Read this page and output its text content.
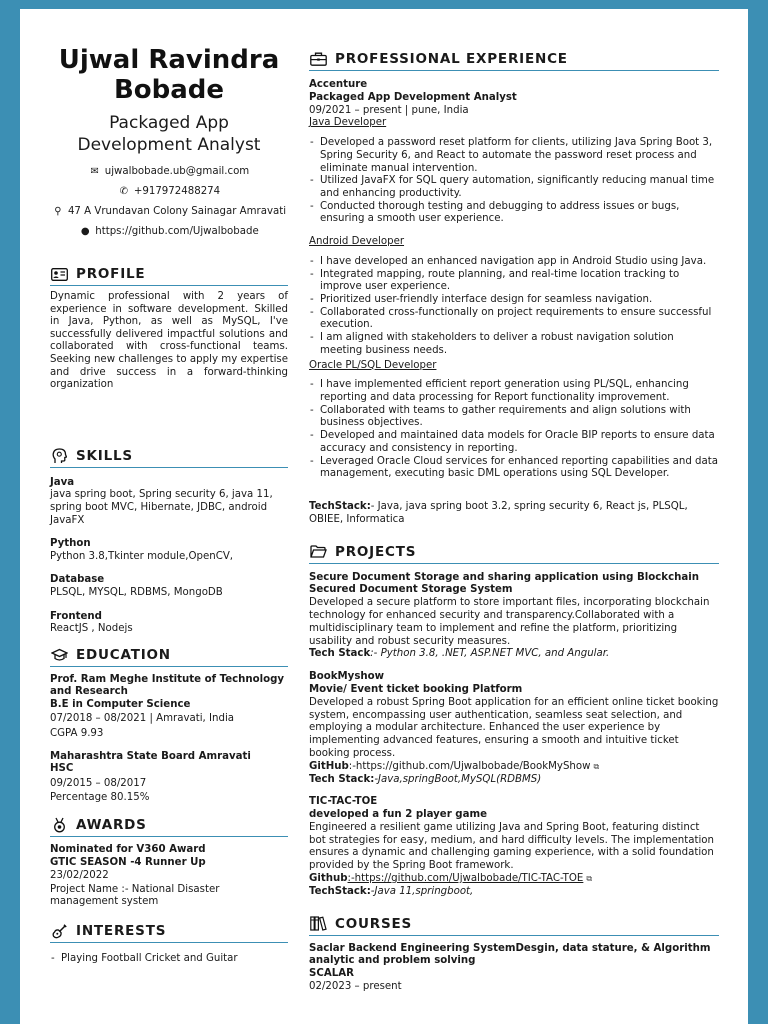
Ujwal Ravindra Bobade
Packaged App Development Analyst
✉ ujwalbobade.ub@gmail.com
✆ +917972488274
⚲ 47 A Vrundavan Colony Sainagar Amravati
● https://github.com/Ujwalbobade
PROFILE
Dynamic professional with 2 years of experience in software development. Skilled in Java, Python, as well as MySQL, I've successfully delivered impactful solutions and collaborated with cross-functional teams. Seeking new challenges to apply my expertise and drive success in a forward-thinking organization
SKILLS
Java
java spring boot, Spring security 6, java 11, spring boot MVC, Hibernate, JDBC, android JavaFX
Python
Python 3.8,Tkinter module,OpenCV,
Database
PLSQL, MYSQL, RDBMS, MongoDB
Frontend
ReactJS , Nodejs
EDUCATION
Prof. Ram Meghe Institute of Technology and Research
B.E in Computer Science
07/2018 – 08/2021 | Amravati, India
CGPA 9.93
Maharashtra State Board Amravati
HSC
09/2015 – 08/2017
Percentage 80.15%
AWARDS
Nominated for V360 Award
GTIC SEASON -4 Runner Up
23/02/2022
Project Name :- National Disaster management system
INTERESTS
- Playing Football Cricket and Guitar
PROFESSIONAL EXPERIENCE
Accenture
Packaged App Development Analyst
09/2021 – present | pune, India
Java Developer
- Developed a password reset platform for clients, utilizing Java Spring Boot 3, Spring Security 6, and React to automate the password reset process and eliminate manual intervention.
- Utilized JavaFX for SQL query automation, significantly reducing manual time and enhancing productivity.
- Conducted thorough testing and debugging to address issues or bugs, ensuring a smooth user experience.
Android Developer
- I have developed an enhanced navigation app in Android Studio using Java.
- Integrated mapping, route planning, and real-time location tracking to improve user experience.
- Prioritized user-friendly interface design for seamless navigation.
- Collaborated cross-functionally on project requirements to ensure successful execution.
- I am aligned with stakeholders to deliver a robust navigation solution meeting business needs.
Oracle PL/SQL Developer
- I have implemented efficient report generation using PL/SQL, enhancing reporting and data processing for Report functionality improvement.
- Collaborated with teams to gather requirements and align solutions with business objectives.
- Developed and maintained data models for Oracle BIP reports to ensure data accuracy and consistency in reporting.
- Leveraged Oracle Cloud services for enhanced reporting capabilities and data management, executing basic DML operations using SQL Developer.
TechStack:- Java, java spring boot 3.2, spring security 6, React js, PLSQL, OBIEE, Informatica
PROJECTS
Secure Document Storage and sharing application using Blockchain
Secured Document Storage System
Developed a secure platform to store important files, incorporating blockchain technology for enhanced security and transparency.Collaborated with a multidisciplinary team to implement and refine the platform, prioritizing usability and robust security measures.
Tech Stack:- Python 3.8, .NET, ASP.NET MVC, and Angular.
BookMyshow
Movie/ Event ticket booking Platform
Developed a robust Spring Boot application for an efficient online ticket booking system, encompassing user authentication, seamless seat selection, and employing a modular architecture. Enhanced the user experience by implementing advanced features, ensuring a smooth and intuitive ticket booking process.
GitHub:-https://github.com/Ujwalbobade/BookMyShow ⧉
Tech Stack:-Java,springBoot,MySQL(RDBMS)
TIC-TAC-TOE
developed a fun 2 player game
Engineered a resilient game utilizing Java and Spring Boot, featuring distinct bot strategies for easy, medium, and hard difficulty levels. The implementation ensures a dynamic and challenging gaming experience, with a solid foundation provided by the Spring Boot framework.
Github:-https://github.com/Ujwalbobade/TIC-TAC-TOE ⧉
TechStack:-Java 11,springboot,
COURSES
Saclar Backend Engineering SystemDesgin, data stature, & Algorithm analytic and problem solving
SCALAR
02/2023 – present
